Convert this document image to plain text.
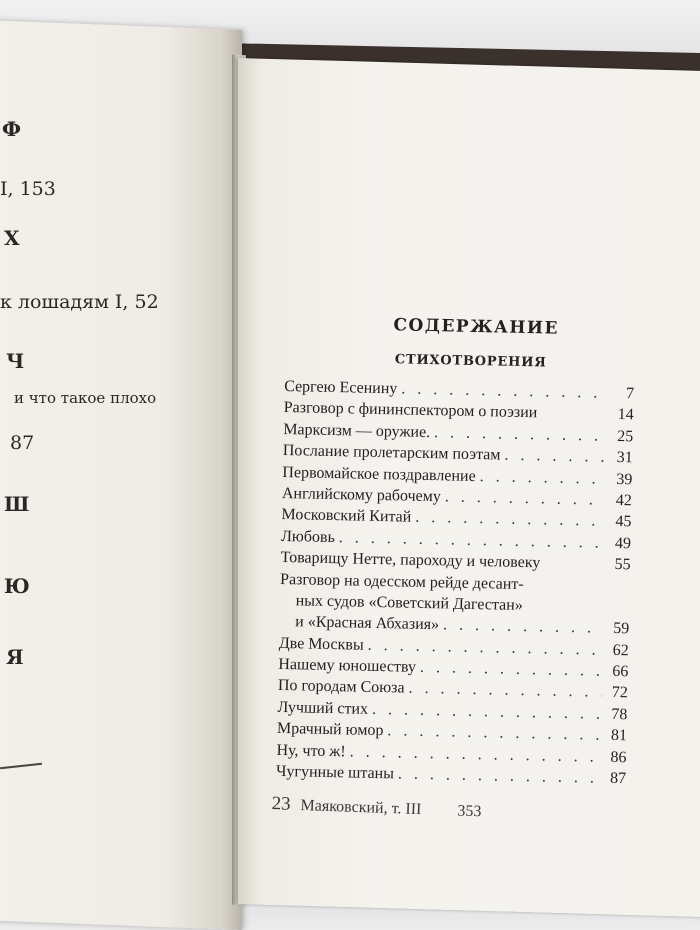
Ф
I, 153
Х
к лошадям I, 52
Ч
и что такое плохо
87
Ш
Ю
Я
СОДЕРЖАНИЕ
СТИХОТВОРЕНИЯ
Сергею Есенину . . .	7
Разговор с фининспектором о поэзии	14
Марксизм — оружие. . . .	25
Послание пролетарским поэтам . . .	31
Первомайское поздравление . . .	39
Английскому рабочему . . .	42
Московский Китай . . .	45
Любовь . . .	49
Товарищу Нетте, пароходу и человеку	55
Разговор на одесском рейде десант-
ных судов «Советский Дагестан»
и «Красная Абхазия» . . .	59
Две Москвы . . .	62
Нашему юношеству . . .	66
По городам Союза . . .	72
Лучший стих . . .	78
Мрачный юмор . . .	81
Ну, что ж! . . .	86
Чугунные штаны . . .	87
23 Маяковский, т. III 353
